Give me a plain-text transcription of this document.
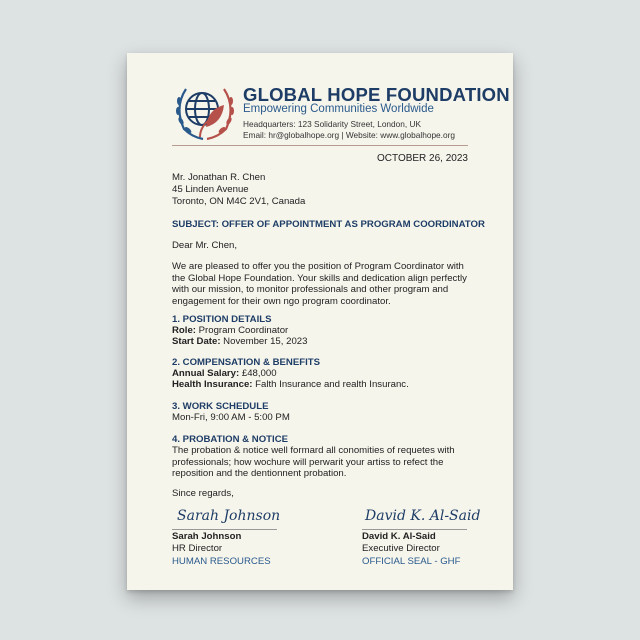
GLOBAL HOPE FOUNDATION
Empowering Communities Worldwide
Headquarters: 123 Solidarity Street, London, UK
Email: hr@globalhope.org | Website: www.globalhope.org
OCTOBER 26, 2023
Mr. Jonathan R. Chen
45 Linden Avenue
Toronto, ON M4C 2V1, Canada
SUBJECT: OFFER OF APPOINTMENT AS PROGRAM COORDINATOR
Dear Mr. Chen,
We are pleased to offer you the position of Program Coordinator with the Global Hope Foundation. Your skills and dedication align perfectly with our mission, to monitor professionals and other program and engagement for their own ngo program coordinator.
1. POSITION DETAILS
Role: Program Coordinator
Start Date: November 15, 2023
2. COMPENSATION & BENEFITS
Annual Salary: £48,000
Health Insurance: Falth Insurance and realth Insuranc.
3. WORK SCHEDULE
Mon-Fri, 9:00 AM - 5:00 PM
4. PROBATION & NOTICE
The probation & notice well formard all conomities of requetes with professionals; how wochure will perwarit your artiss to refect the reposition and the dentionnent probation.
Since regards,
Sarah Johnson
Sarah Johnson
HR Director
HUMAN RESOURCES
David K. Al-Said
David K. Al-Said
Executive Director
OFFICIAL SEAL - GHF
